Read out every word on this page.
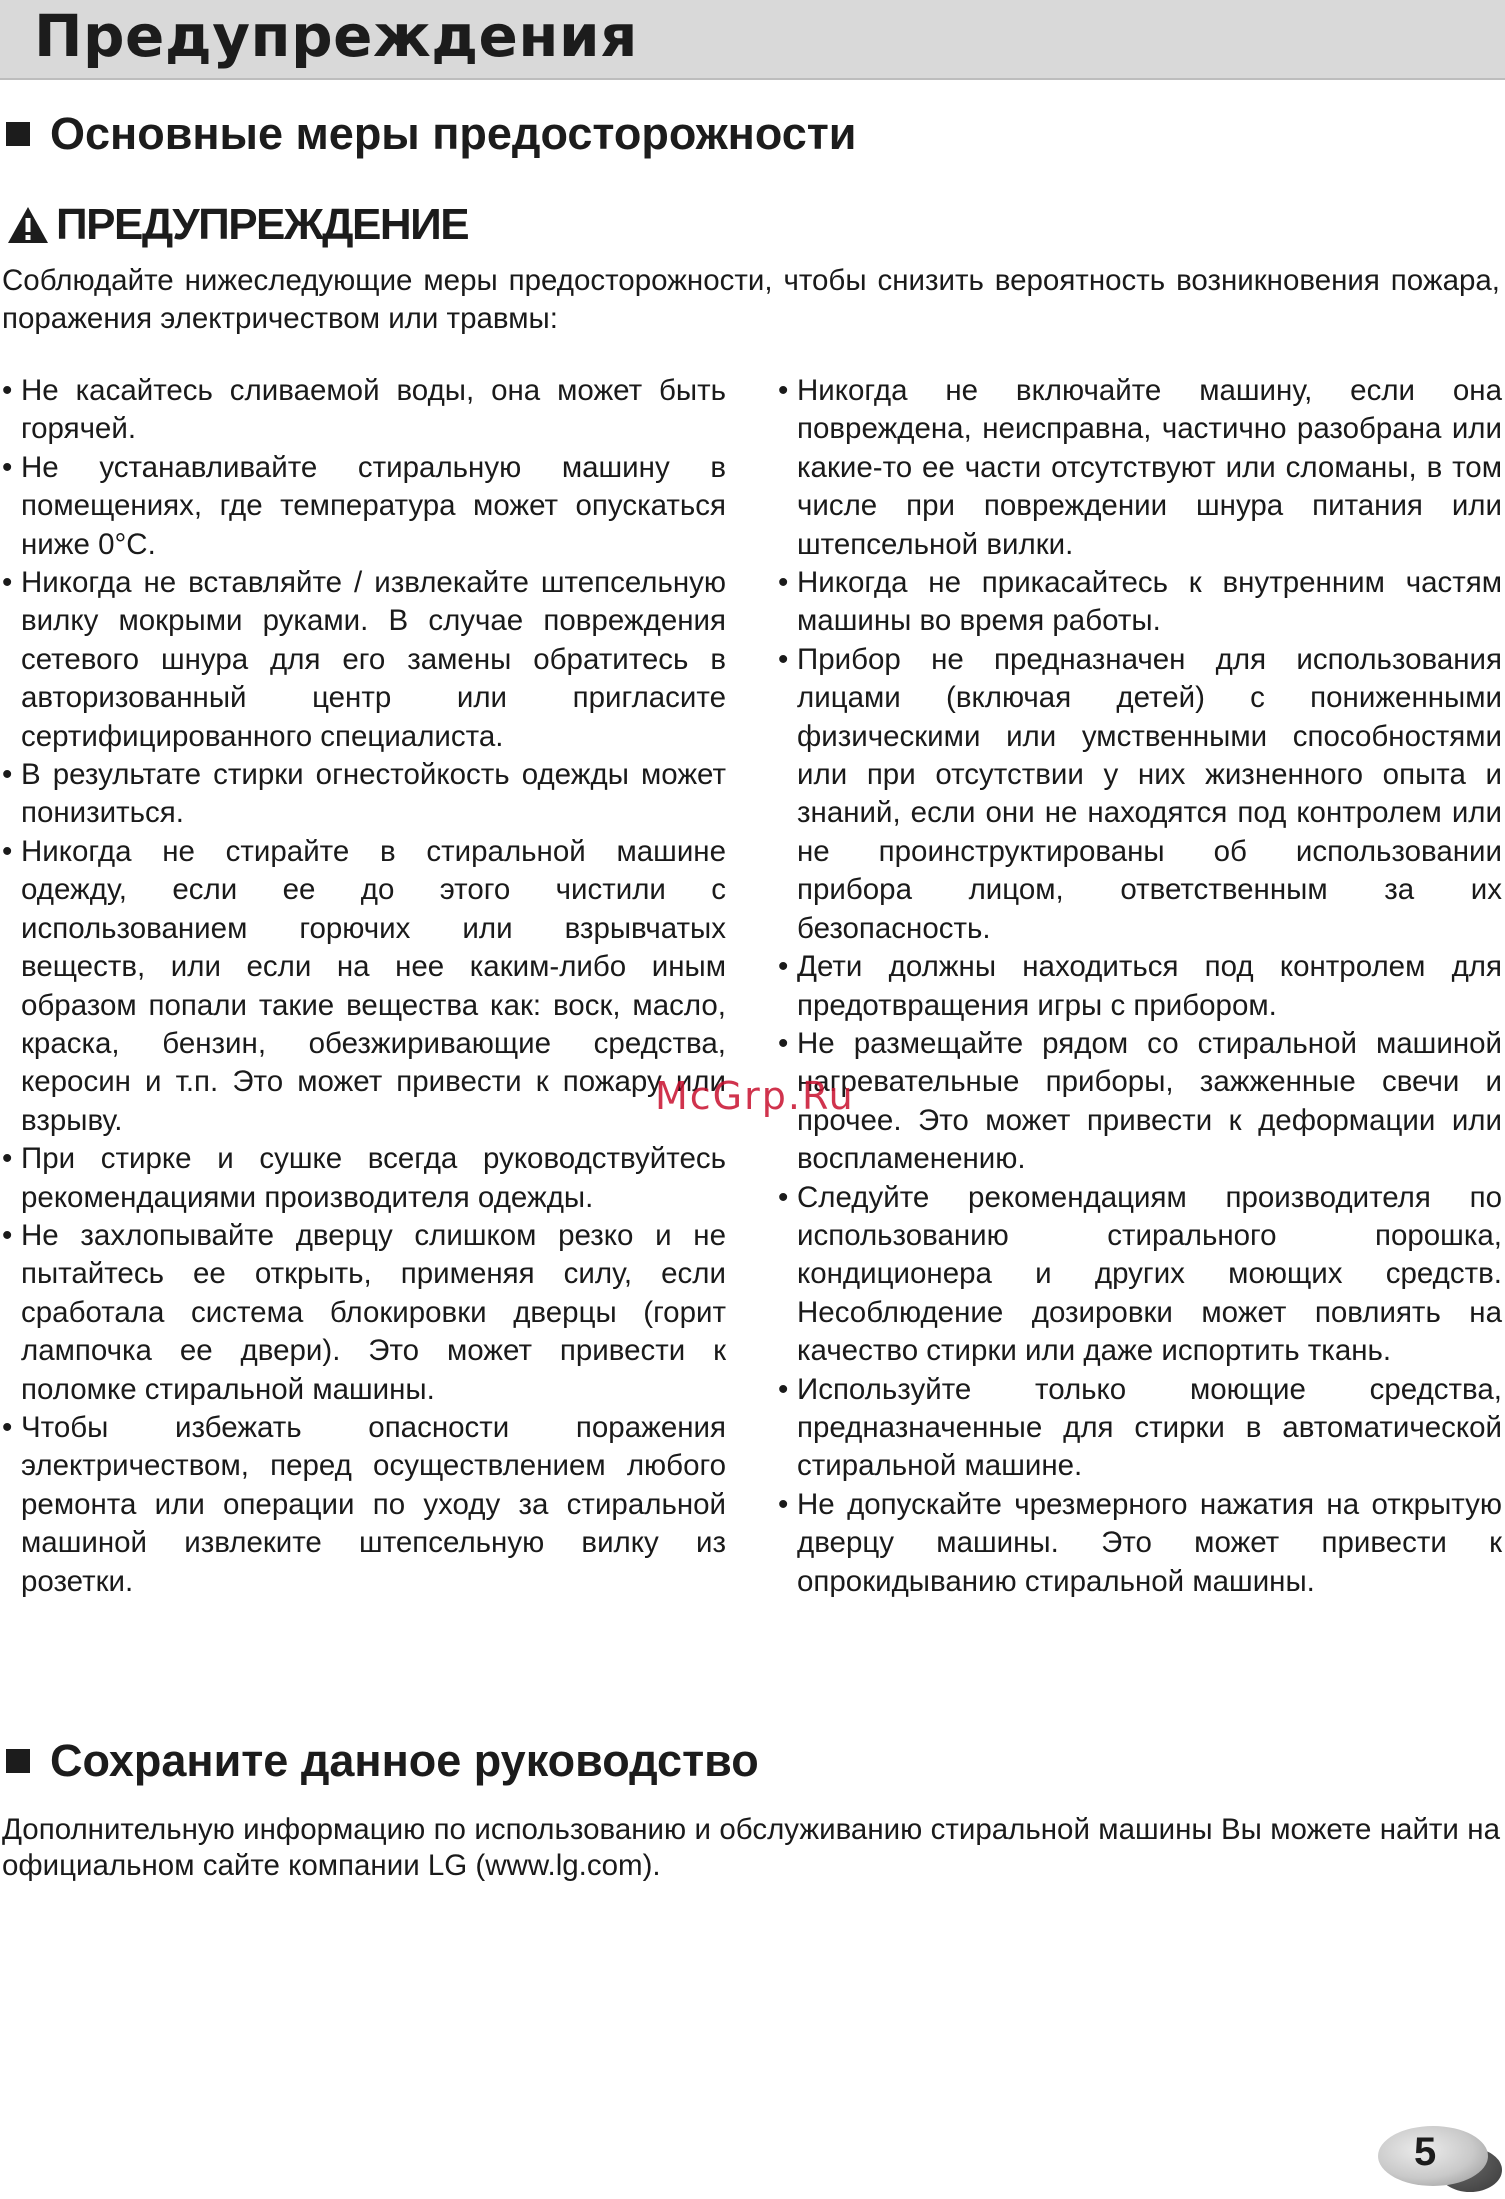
Предупреждения
Основные меры предосторожности
ПРЕДУПРЕЖДЕНИЕ

Соблюдайте нижеследующие меры предосторожности, чтобы снизить вероятность возникновения пожара, поражения электричеством или травмы:

• Не касайтесь сливаемой воды, она может быть горячей.
• Не устанавливайте стиральную машину в помещениях, где температура может опускаться ниже 0°С.
• Никогда не вставляйте / извлекайте штепсельную вилку мокрыми руками. В случае повреждения сетевого шнура для его замены обратитесь в авторизованный центр или пригласите сертифицированного специалиста.
• В результате стирки огнестойкость одежды может понизиться.
• Никогда не стирайте в стиральной машине одежду, если ее до этого чистили с использованием горючих или взрывчатых веществ, или если на нее каким-либо иным образом попали такие вещества как: воск, масло, краска, бензин, обезжиривающие средства, керосин и т.п. Это может привести к пожару или взрыву.
• При стирке и сушке всегда руководствуйтесь рекомендациями производителя одежды.
• Не захлопывайте дверцу слишком резко и не пытайтесь ее открыть, применяя силу, если сработала система блокировки дверцы (горит лампочка ее двери). Это может привести к поломке стиральной машины.
• Чтобы избежать опасности поражения электричеством, перед осуществлением любого ремонта или операции по уходу за стиральной машиной извлеките штепсельную вилку из розетки.
• Никогда не включайте машину, если она повреждена, неисправна, частично разобрана или какие-то ее части отсутствуют или сломаны, в том числе при повреждении шнура питания или штепсельной вилки.
• Никогда не прикасайтесь к внутренним частям машины во время работы.
• Прибор не предназначен для использования лицами (включая детей) с пониженными физическими или умственными способностями или при отсутствии у них жизненного опыта и знаний, если они не находятся под контролем или не проинструктированы об использовании прибора лицом, ответственным за их безопасность.
• Дети должны находиться под контролем для предотвращения игры с прибором.
• Не размещайте рядом со стиральной машиной нагревательные приборы, зажженные свечи и прочее. Это может привести к деформации или воспламенению.
• Следуйте рекомендациям производителя по использованию стирального порошка, кондиционера и других моющих средств. Несоблюдение дозировки может повлиять на качество стирки или даже испортить ткань.
• Используйте только моющие средства, предназначенные для стирки в автоматической стиральной машине.
• Не допускайте чрезмерного нажатия на открытую дверцу машины. Это может привести к опрокидыванию стиральной машины.
McGrp.Ru
Сохраните данное руководство

Дополнительную информацию по использованию и обслуживанию стиральной машины Вы можете найти на официальном сайте компании LG (www.lg.com).

5
